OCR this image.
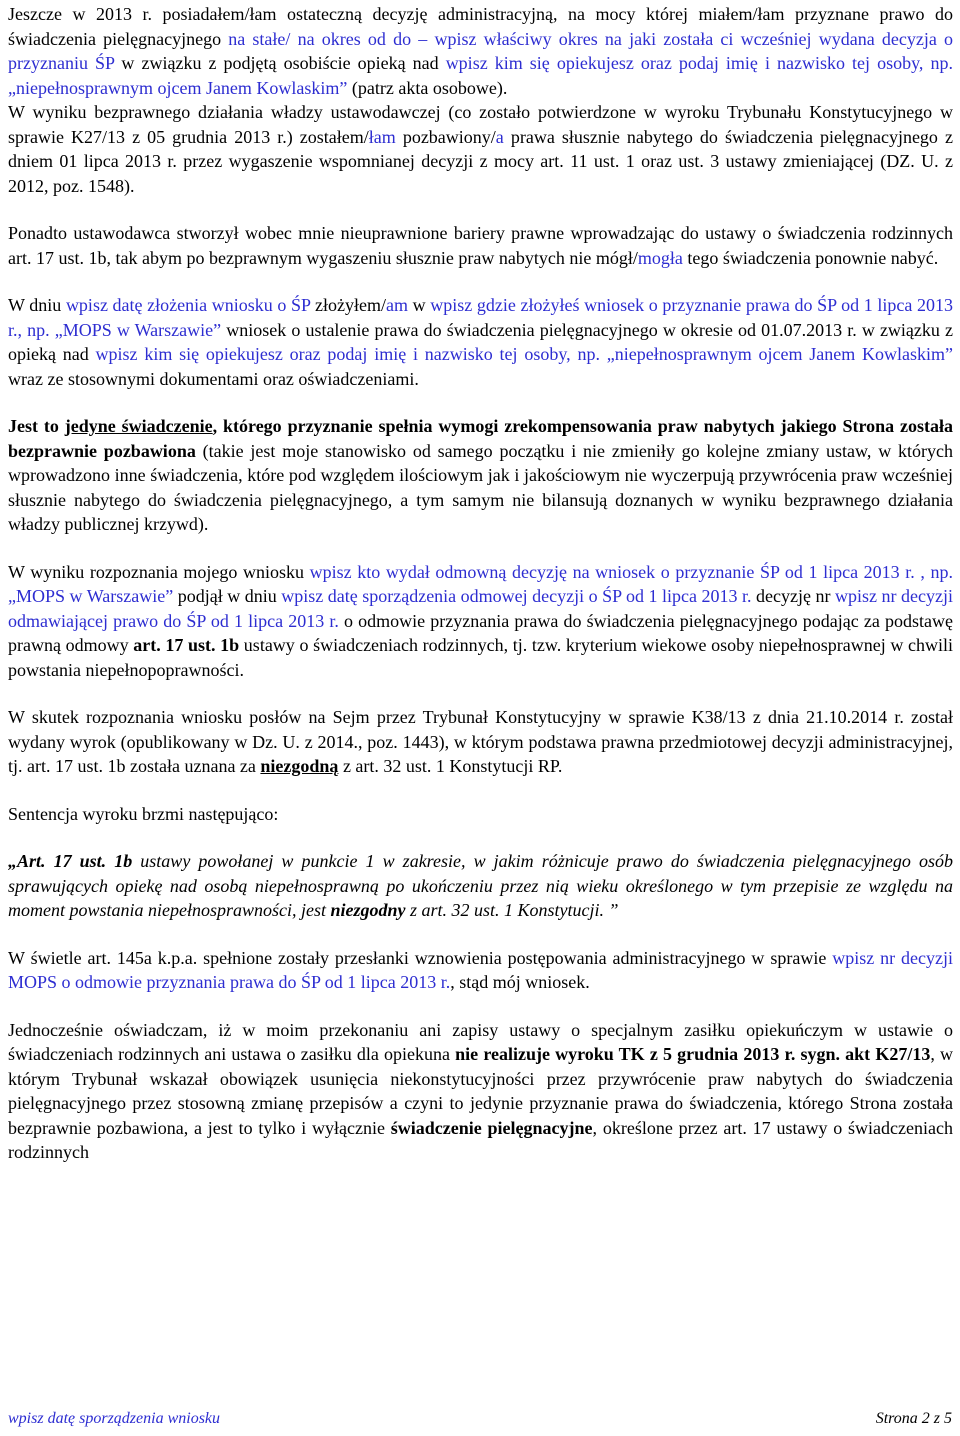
Jeszcze w 2013 r. posiadałem/łam ostateczną decyzję administracyjną, na mocy której miałem/łam przyznane prawo do świadczenia pielęgnacyjnego na stałe/ na okres od do – wpisz właściwy okres na jaki została ci wcześniej wydana decyzja o przyznaniu ŚP w związku z podjętą osobiście opieką nad wpisz kim się opiekujesz oraz podaj imię i nazwisko tej osoby, np. „niepełnosprawnym ojcem Janem Kowlaskim” (patrz akta osobowe).

W wyniku bezprawnego działania władzy ustawodawczej (co zostało potwierdzone w wyroku Trybunału Konstytucyjnego w sprawie K27/13 z 05 grudnia 2013 r.) zostałem/łam pozbawiony/a prawa słusznie nabytego do świadczenia pielęgnacyjnego z dniem 01 lipca 2013 r. przez wygaszenie wspomnianej decyzji z mocy art. 11 ust. 1 oraz ust. 3 ustawy zmieniającej (DZ. U. z 2012, poz. 1548).

Ponadto ustawodawca stworzył wobec mnie nieuprawnione bariery prawne wprowadzając do ustawy o świadczenia rodzinnych art. 17 ust. 1b, tak abym po bezprawnym wygaszeniu słusznie praw nabytych nie mógł/mogła tego świadczenia ponownie nabyć.

W dniu wpisz datę złożenia wniosku o ŚP złożyłem/am w wpisz gdzie złożyłeś wniosek o przyznanie prawa do ŚP od 1 lipca 2013 r., np. „MOPS w Warszawie” wniosek o ustalenie prawa do świadczenia pielęgnacyjnego w okresie od 01.07.2013 r. w związku z opieką nad wpisz kim się opiekujesz oraz podaj imię i nazwisko tej osoby, np. „niepełnosprawnym ojcem Janem Kowlaskim” wraz ze stosownymi dokumentami oraz oświadczeniami.

Jest to jedyne świadczenie, którego przyznanie spełnia wymogi zrekompensowania praw nabytych jakiego Strona została bezprawnie pozbawiona (takie jest moje stanowisko od samego początku i nie zmieniły go kolejne zmiany ustaw, w których wprowadzono inne świadczenia, które pod względem ilościowym jak i jakościowym nie wyczerpują przywrócenia praw wcześniej słusznie nabytego do świadczenia pielęgnacyjnego, a tym samym nie bilansują doznanych w wyniku bezprawnego działania władzy publicznej krzywd).

W wyniku rozpoznania mojego wniosku wpisz kto wydał odmowną decyzję na wniosek o przyznanie ŚP od 1 lipca 2013 r. , np. „MOPS w Warszawie” podjął w dniu wpisz datę sporządzenia odmowej decyzji o ŚP od 1 lipca 2013 r. decyzję nr wpisz nr decyzji odmawiającej prawo do ŚP od 1 lipca 2013 r. o odmowie przyznania prawa do świadczenia pielęgnacyjnego podając za podstawę prawną odmowy art. 17 ust. 1b ustawy o świadczeniach rodzinnych, tj. tzw. kryterium wiekowe osoby niepełnosprawnej w chwili powstania niepełnopoprawności.

W skutek rozpoznania wniosku posłów na Sejm przez Trybunał Konstytucyjny w sprawie K38/13 z dnia 21.10.2014 r. został wydany wyrok (opublikowany w Dz. U. z 2014., poz. 1443), w którym podstawa prawna przedmiotowej decyzji administracyjnej, tj. art. 17 ust. 1b została uznana za niezgodną z art. 32 ust. 1 Konstytucji RP.

Sentencja wyroku brzmi następująco:

„Art. 17 ust. 1b ustawy powołanej w punkcie 1 w zakresie, w jakim różnicuje prawo do świadczenia pielęgnacyjnego osób sprawujących opiekę nad osobą niepełnosprawną po ukończeniu przez nią wieku określonego w tym przepisie ze względu na moment powstania niepełnosprawności, jest niezgodny z art. 32 ust. 1 Konstytucji. ”

W świetle art. 145a k.p.a. spełnione zostały przesłanki wznowienia postępowania administracyjnego w sprawie wpisz nr decyzji MOPS o odmowie przyznania prawa do ŚP od 1 lipca 2013 r., stąd mój wniosek.

Jednocześnie oświadczam, iż w moim przekonaniu ani zapisy ustawy o specjalnym zasiłku opiekuńczym w ustawie o świadczeniach rodzinnych ani ustawa o zasiłku dla opiekuna nie realizuje wyroku TK z 5 grudnia 2013 r. sygn. akt K27/13, w którym Trybunał wskazał obowiązek usunięcia niekonstytucyjności przez przywrócenie praw nabytych do świadczenia pielęgnacyjnego przez stosowną zmianę przepisów a czyni to jedynie przyznanie prawa do świadczenia, którego Strona została bezprawnie pozbawiona, a jest to tylko i wyłącznie świadczenie pielęgnacyjne, określone przez art. 17 ustawy o świadczeniach rodzinnych

wpisz datę sporządzenia wniosku	Strona 2 z 5
